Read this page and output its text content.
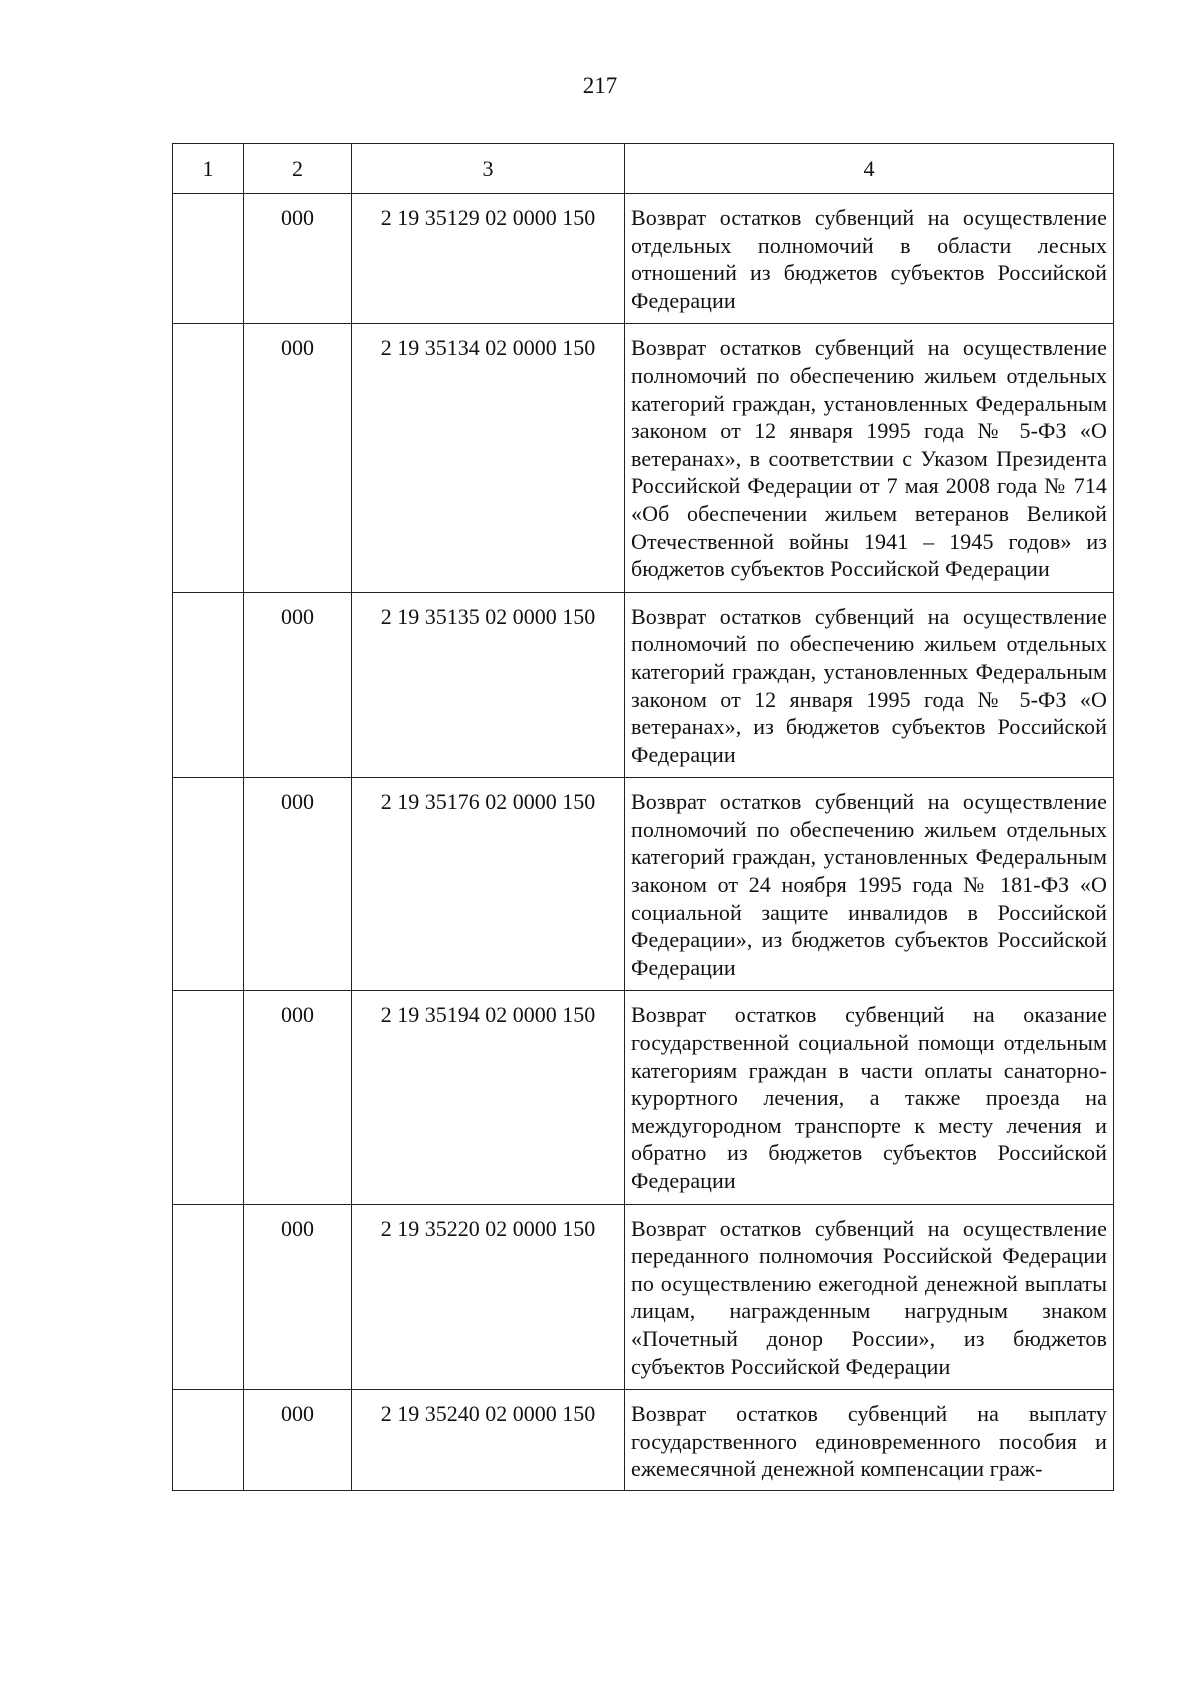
217
1	2	3	4

	000	2 19 35129 02 0000 150	Возврат остатков субвенций на осуществление отдельных полномочий в области лесных отношений из бюджетов субъектов Российской Федерации

	000	2 19 35134 02 0000 150	Возврат остатков субвенций на осуществление полномочий по обеспечению жильем отдельных категорий граждан, установленных Федеральным законом от 12 января 1995 года № 5-ФЗ «О ветеранах», в соответствии с Указом Президента Российской Федерации от 7 мая 2008 года № 714 «Об обеспечении жильем ветеранов Великой Отечественной войны 1941 – 1945 годов» из бюджетов субъектов Российской Федерации

	000	2 19 35135 02 0000 150	Возврат остатков субвенций на осуществление полномочий по обеспечению жильем отдельных категорий граждан, установленных Федеральным законом от 12 января 1995 года № 5-ФЗ «О ветеранах», из бюджетов субъектов Российской Федерации

	000	2 19 35176 02 0000 150	Возврат остатков субвенций на осуществление полномочий по обеспечению жильем отдельных категорий граждан, установленных Федеральным законом от 24 ноября 1995 года № 181-ФЗ «О социальной защите инвалидов в Российской Федерации», из бюджетов субъектов Российской Федерации

	000	2 19 35194 02 0000 150	Возврат остатков субвенций на оказание государственной социальной помощи отдельным категориям граждан в части оплаты санаторно-курортного лечения, а также проезда на междугородном транспорте к месту лечения и обратно из бюджетов субъектов Российской Федерации

	000	2 19 35220 02 0000 150	Возврат остатков субвенций на осуществление переданного полномочия Российской Федерации по осуществлению ежегодной денежной выплаты лицам, награжденным нагрудным знаком «Почетный донор России», из бюджетов субъектов Российской Федерации

	000	2 19 35240 02 0000 150	Возврат остатков субвенций на выплату государственного единовременного пособия и ежемесячной денежной компенсации граж-
